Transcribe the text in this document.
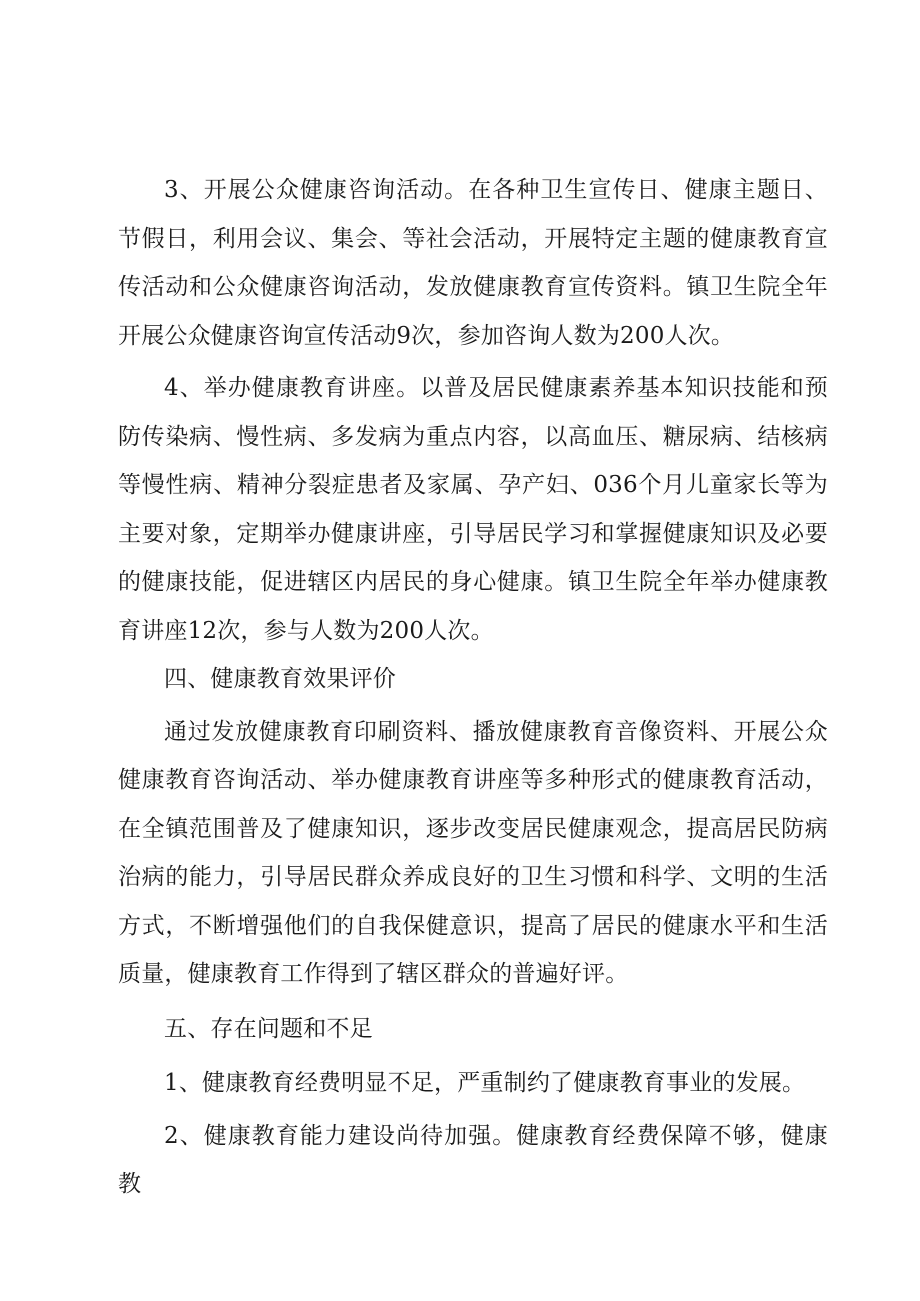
3、开展公众健康咨询活动。在各种卫生宣传日、健康主题日、节假日，利用会议、集会、等社会活动，开展特定主题的健康教育宣传活动和公众健康咨询活动，发放健康教育宣传资料。镇卫生院全年开展公众健康咨询宣传活动9次，参加咨询人数为200人次。

4、举办健康教育讲座。以普及居民健康素养基本知识技能和预防传染病、慢性病、多发病为重点内容，以高血压、糖尿病、结核病等慢性病、精神分裂症患者及家属、孕产妇、036个月儿童家长等为主要对象，定期举办健康讲座，引导居民学习和掌握健康知识及必要的健康技能，促进辖区内居民的身心健康。镇卫生院全年举办健康教育讲座12次，参与人数为200人次。

四、健康教育效果评价

通过发放健康教育印刷资料、播放健康教育音像资料、开展公众健康教育咨询活动、举办健康教育讲座等多种形式的健康教育活动，在全镇范围普及了健康知识，逐步改变居民健康观念，提高居民防病治病的能力，引导居民群众养成良好的卫生习惯和科学、文明的生活方式，不断增强他们的自我保健意识，提高了居民的健康水平和生活质量，健康教育工作得到了辖区群众的普遍好评。

五、存在问题和不足

1、健康教育经费明显不足，严重制约了健康教育事业的发展。

2、健康教育能力建设尚待加强。健康教育经费保障不够，健康教
